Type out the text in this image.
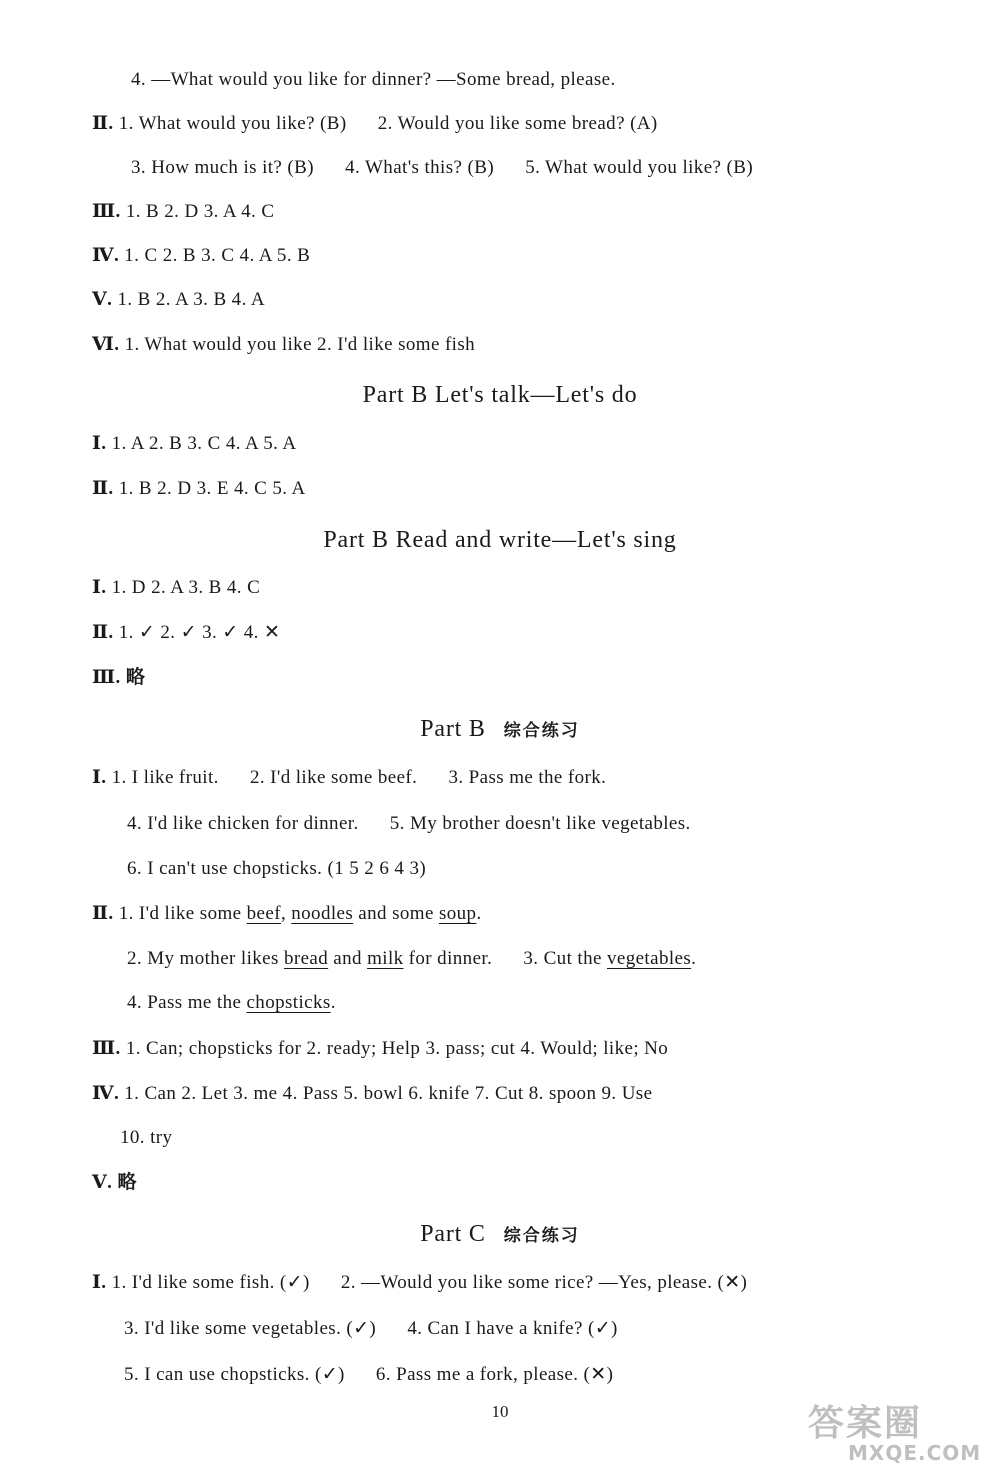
4. —What would you like for dinner? —Some bread, please.
Ⅱ. 1. What would you like? (B) 2. Would you like some bread? (A)
3. How much is it? (B) 4. What's this? (B) 5. What would you like? (B)
Ⅲ. 1. B 2. D 3. A 4. C
Ⅳ. 1. C 2. B 3. C 4. A 5. B
Ⅴ. 1. B 2. A 3. B 4. A
Ⅵ. 1. What would you like 2. I'd like some fish
Part B Let's talk—Let's do
Ⅰ. 1. A 2. B 3. C 4. A 5. A
Ⅱ. 1. B 2. D 3. E 4. C 5. A
Part B Read and write—Let's sing
Ⅰ. 1. D 2. A 3. B 4. C
Ⅱ. 1. ✓ 2. ✓ 3. ✓ 4. ✕
Ⅲ. 略
Part B 综合练习
Ⅰ. 1. I like fruit. 2. I'd like some beef. 3. Pass me the fork.
4. I'd like chicken for dinner. 5. My brother doesn't like vegetables.
6. I can't use chopsticks. (1 5 2 6 4 3)
Ⅱ. 1. I'd like some beef, noodles and some soup.
2. My mother likes bread and milk for dinner. 3. Cut the vegetables.
4. Pass me the chopsticks.
Ⅲ. 1. Can; chopsticks for 2. ready; Help 3. pass; cut 4. Would; like; No
Ⅳ. 1. Can 2. Let 3. me 4. Pass 5. bowl 6. knife 7. Cut 8. spoon 9. Use
10. try
Ⅴ. 略
Part C 综合练习
Ⅰ. 1. I'd like some fish. (✓) 2. —Would you like some rice? —Yes, please. (✕)
3. I'd like some vegetables. (✓) 4. Can I have a knife? (✓)
5. I can use chopsticks. (✓) 6. Pass me a fork, please. (✕)
10	答案圈
MXQE.COM
